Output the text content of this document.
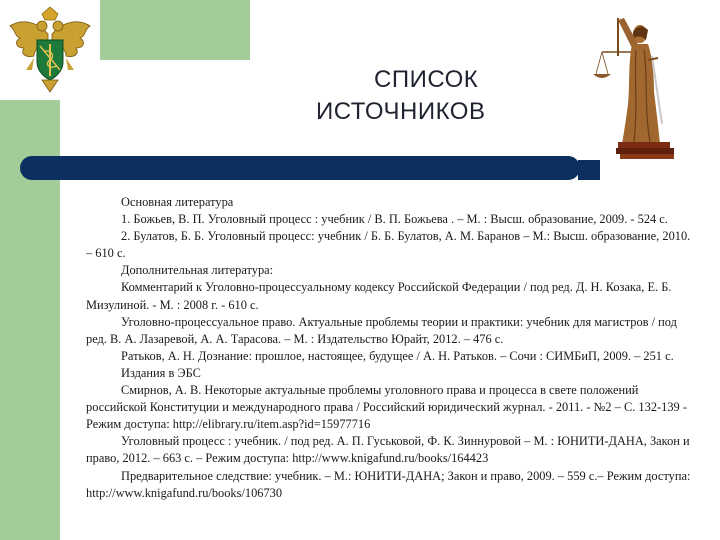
СПИСОК
ИСТОЧНИКОВ

Основная литература

1. Божьев, В. П. Уголовный процесс : учебник / В. П. Божьева . – М. : Высш. образование, 2009. - 524 с.

2. Булатов, Б. Б. Уголовный процесс: учебник / Б. Б. Булатов, А. М. Баранов – М.: Высш. образование, 2010. – 610 с.

Дополнительная литература:

Комментарий к Уголовно-процессуальному кодексу Российской Федерации / под ред. Д. Н. Козака, Е. Б. Мизулиной. - М. : 2008 г. - 610 с.

Уголовно-процессуальное право. Актуальные проблемы теории и практики: учебник для магистров / под ред. В. А. Лазаревой, А. А. Тарасова. – М. : Издательство Юрайт, 2012. – 476 с.

Ратьков, А. Н. Дознание: прошлое, настоящее, будущее / А. Н. Ратьков. – Сочи : СИМБиП, 2009. – 251 с.

Издания в ЭБС

Смирнов, А. В. Некоторые актуальные проблемы уголовного права и процесса в свете положений российской Конституции и международного права / Российский юридический журнал. - 2011. - №2 – С. 132-139 - Режим доступа: http://elibrary.ru/item.asp?id=15977716

Уголовный процесс : учебник. / под ред. А. П. Гуськовой, Ф. К. Зиннуровой – М. : ЮНИТИ-ДАНА, Закон и право, 2012. – 663 с. – Режим доступа: http://www.knigafund.ru/books/164423

Предварительное следствие: учебник. – М.: ЮНИТИ-ДАНА; Закон и право, 2009. – 559 с.– Режим доступа: http://www.knigafund.ru/books/106730
